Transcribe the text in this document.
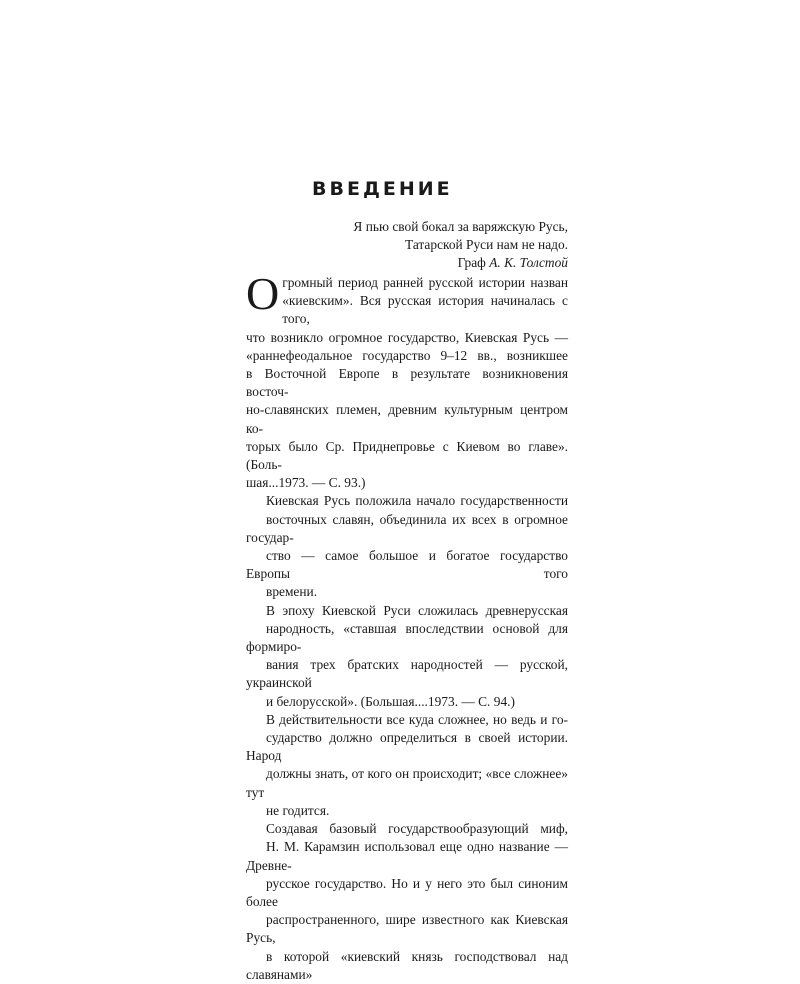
ВВЕДЕНИЕ
Я пью свой бокал за варяжскую Русь,
Татарской Руси нам не надо.
Граф А. К. Толстой

О громный период ранней русской истории назван
«киевским». Вся русская история начиналась с того,
что возникло огромное государство, Киевская Русь —
«раннефеодальное государство 9–12 вв., возникшее
в Восточной Европе в результате возникновения восточ-
но-славянских племен, древним культурным центром ко-
торых было Ср. Приднепровье с Киевом во главе». (Боль-
шая...1973. — С. 93.)

Киевская Русь положила начало государственности
восточных славян, объединила их всех в огромное государ-
ство — самое большое и богатое государство Европы того
времени.

В эпоху Киевской Руси сложилась древнерусская
народность, «ставшая впоследствии основой для формиро-
вания трех братских народностей — русской, украинской
и белорусской». (Большая....1973. — С. 94.)

В действительности все куда сложнее, но ведь и го-
сударство должно определиться в своей истории. Народ
должны знать, от кого он происходит; «все сложнее» тут
не годится.

Создавая базовый государствообразующий миф,
Н. М. Карамзин использовал еще одно название — Древне-
русское государство. Но и у него это был синоним более
распространенного, шире известного как Киевская Русь,
в которой «киевский князь господствовал над славянами»
